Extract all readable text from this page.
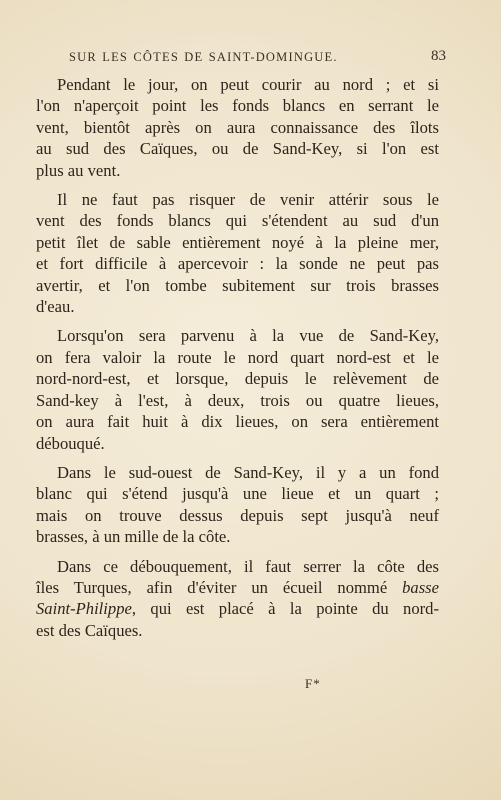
SUR LES CÔTES DE SAINT-DOMINGUE.	83

Pendant le jour, on peut courir au nord ; et si
l'on n'aperçoit point les fonds blancs en serrant le
vent, bientôt après on aura connaissance des îlots
au sud des Caïques, ou de Sand-Key, si l'on est
plus au vent.

Il ne faut pas risquer de venir attérir sous le
vent des fonds blancs qui s'étendent au sud d'un
petit îlet de sable entièrement noyé à la pleine mer,
et fort difficile à apercevoir : la sonde ne peut pas
avertir, et l'on tombe subitement sur trois brasses
d'eau.

Lorsqu'on sera parvenu à la vue de Sand-Key,
on fera valoir la route le nord quart nord-est et le
nord-nord-est, et lorsque, depuis le relèvement de
Sand-key à l'est, à deux, trois ou quatre lieues,
on aura fait huit à dix lieues, on sera entièrement
débouqué.

Dans le sud-ouest de Sand-Key, il y a un fond
blanc qui s'étend jusqu'à une lieue et un quart ;
mais on trouve dessus depuis sept jusqu'à neuf
brasses, à un mille de la côte.

Dans ce débouquement, il faut serrer la côte des
îles Turques, afin d'éviter un écueil nommé basse
Saint-Philippe, qui est placé à la pointe du nord-
est des Caïques.

F*
